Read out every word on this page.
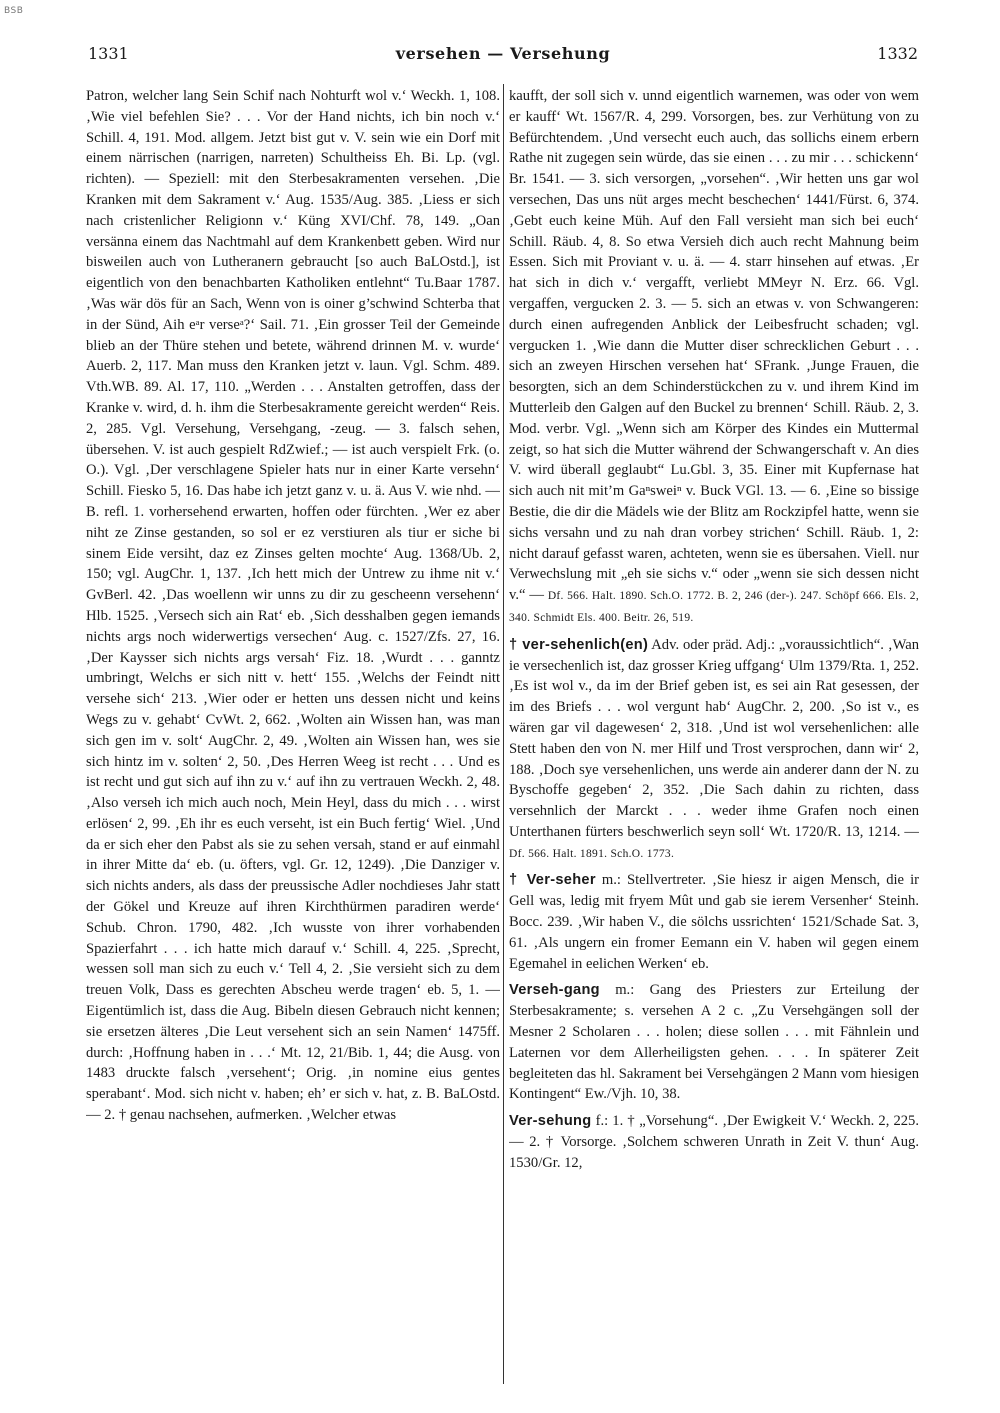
BSB
1331	versehen — Versehung	1332

Patron, welcher lang Sein Schif nach Nohturft wol v.‘ Weckh. 1, 108. ‚Wie viel befehlen Sie? . . . Vor der Hand nichts, ich bin noch v.‘ Schill. 4, 191. Mod. allgem. Jetzt bist gut v. V. sein wie ein Dorf mit einem närrischen (narrigen, narreten) Schultheiss Eh. Bi. Lp. (vgl. richten). — Speziell: mit den Sterbesakramenten versehen. ‚Die Kranken mit dem Sakrament v.‘ Aug. 1535/Aug. 385. ‚Liess er sich nach cristenlicher Religionn v.‘ Küng XVI/Chf. 78, 149. „Oan versänna einem das Nachtmahl auf dem Krankenbett geben. Wird nur bisweilen auch von Lutheranern gebraucht [so auch BaLOstd.], ist eigentlich von den benachbarten Katholiken entlehnt“ Tu.Baar 1787. ‚Was wär dös für an Sach, Wenn von is oiner g’schwind Schterba that in der Sünd, Aih eᵃr verseᵃ?‘ Sail. 71. ‚Ein grosser Teil der Gemeinde blieb an der Thüre stehen und betete, während drinnen M. v. wurde‘ Auerb. 2, 117. Man muss den Kranken jetzt v. laun. Vgl. Schm. 489. Vth.WB. 89. Al. 17, 110. „Werden . . . Anstalten getroffen, dass der Kranke v. wird, d. h. ihm die Sterbesakramente gereicht werden“ Reis. 2, 285. Vgl. Versehung, Versehgang, -zeug. — 3. falsch sehen, übersehen. V. ist auch gespielt RdZwief.; — ist auch verspielt Frk. (o. O.). Vgl. ‚Der verschlagene Spieler hats nur in einer Karte versehn‘ Schill. Fiesko 5, 16. Das habe ich jetzt ganz v. u. ä. Aus V. wie nhd. — B. refl. 1. vorhersehend erwarten, hoffen oder fürchten. ‚Wer ez aber niht ze Zinse gestanden, so sol er ez verstiuren als tiur er siche bi sinem Eide versiht, daz ez Zinses gelten mochte‘ Aug. 1368/Ub. 2, 150; vgl. AugChr. 1, 137. ‚Ich hett mich der Untrew zu ihme nit v.‘ GvBerl. 42. ‚Das woellenn wir unns zu dir zu gescheenn versehenn‘ Hlb. 1525. ‚Versech sich ain Rat‘ eb. ‚Sich desshalben gegen iemands nichts args noch widerwertigs versechen‘ Aug. c. 1527/Zfs. 27, 16. ‚Der Kaysser sich nichts args versah‘ Fiz. 18. ‚Wurdt . . . ganntz umbringt, Welchs er sich nitt v. hett‘ 155. ‚Welchs der Feindt nitt versehe sich‘ 213. ‚Wier oder er hetten uns dessen nicht und keins Wegs zu v. gehabt‘ CvWt. 2, 662. ‚Wolten ain Wissen han, was man sich gen im v. solt‘ AugChr. 2, 49. ‚Wolten ain Wissen han, wes sie sich hintz im v. solten‘ 2, 50. ‚Des Herren Weeg ist recht . . . Und es ist recht und gut sich auf ihn zu v.‘ auf ihn zu vertrauen Weckh. 2, 48. ‚Also verseh ich mich auch noch, Mein Heyl, dass du mich . . . wirst erlösen‘ 2, 99. ‚Eh ihr es euch verseht, ist ein Buch fertig‘ Wiel. ‚Und da er sich eher den Pabst als sie zu sehen versah, stand er auf einmahl in ihrer Mitte da‘ eb. (u. öfters, vgl. Gr. 12, 1249). ‚Die Danziger v. sich nichts anders, als dass der preussische Adler nochdieses Jahr statt der Gökel und Kreuze auf ihren Kirchthürmen paradiren werde‘ Schub. Chron. 1790, 482. ‚Ich wusste von ihrer vorhabenden Spazierfahrt . . . ich hatte mich darauf v.‘ Schill. 4, 225. ‚Sprecht, wessen soll man sich zu euch v.‘ Tell 4, 2. ‚Sie versieht sich zu dem treuen Volk, Dass es gerechten Abscheu werde tragen‘ eb. 5, 1. — Eigentümlich ist, dass die Aug. Bibeln diesen Gebrauch nicht kennen; sie ersetzen älteres ‚Die Leut versehent sich an sein Namen‘ 1475ff. durch: ‚Hoffnung haben in . . .‘ Mt. 12, 21/Bib. 1, 44; die Ausg. von 1483 druckte falsch ‚versehent‘; Orig. ‚in nomine eius gentes sperabant‘. Mod. sich nicht v. haben; eh’ er sich v. hat, z. B. BaLOstd. — 2. † genau nachsehen, aufmerken. ‚Welcher etwas

kaufft, der soll sich v. unnd eigentlich warnemen, was oder von wem er kauff‘ Wt. 1567/R. 4, 299. Vorsorgen, bes. zur Verhütung von zu Befürchtendem. ‚Und versecht euch auch, das sollichs einem erbern Rathe nit zugegen sein würde, das sie einen . . . zu mir . . . schickenn‘ Br. 1541. — 3. sich versorgen, „vorsehen“. ‚Wir hetten uns gar wol versechen, Das uns nüt arges mecht beschechen‘ 1441/Fürst. 6, 374. ‚Gebt euch keine Müh. Auf den Fall versieht man sich bei euch‘ Schill. Räub. 4, 8. So etwa Versieh dich auch recht Mahnung beim Essen. Sich mit Proviant v. u. ä. — 4. starr hinsehen auf etwas. ‚Er hat sich in dich v.‘ vergafft, verliebt MMeyr N. Erz. 66. Vgl. vergaffen, vergucken 2. 3. — 5. sich an etwas v. von Schwangeren: durch einen aufregenden Anblick der Leibesfrucht schaden; vgl. vergucken 1. ‚Wie dann die Mutter diser schrecklichen Geburt . . . sich an zweyen Hirschen versehen hat‘ SFrank. ‚Junge Frauen, die besorgten, sich an dem Schinderstückchen zu v. und ihrem Kind im Mutterleib den Galgen auf den Buckel zu brennen‘ Schill. Räub. 2, 3. Mod. verbr. Vgl. „Wenn sich am Körper des Kindes ein Muttermal zeigt, so hat sich die Mutter während der Schwangerschaft v. An dies V. wird überall geglaubt“ Lu.Gbl. 3, 35. Einer mit Kupfernase hat sich auch nit mit’m Gaⁿsweiⁿ v. Buck VGl. 13. — 6. ‚Eine so bissige Bestie, die dir die Mädels wie der Blitz am Rockzipfel hatte, wenn sie sichs versahn und zu nah dran vorbey strichen‘ Schill. Räub. 1, 2: nicht darauf gefasst waren, achteten, wenn sie es übersahen. Viell. nur Verwechslung mit „eh sie sichs v.“ oder „wenn sie sich dessen nicht v.“ — Df. 566. Halt. 1890. Sch.O. 1772. B. 2, 246 (der-). 247. Schöpf 666. Els. 2, 340. Schmidt Els. 400. Beitr. 26, 519.

† ver-sehenlich(en) Adv. oder präd. Adj.: „voraussichtlich“. ‚Wan ie versechenlich ist, daz grosser Krieg uffgang‘ Ulm 1379/Rta. 1, 252. ‚Es ist wol v., da im der Brief geben ist, es sei ain Rat gesessen, der im des Briefs . . . wol vergunt hab‘ AugChr. 2, 200. ‚So ist v., es wären gar vil dagewesen‘ 2, 318. ‚Und ist wol versehenlichen: alle Stett haben den von N. mer Hilf und Trost versprochen, dann wir‘ 2, 188. ‚Doch sye versehenlichen, uns werde ain anderer dann der N. zu Byschoffe gegeben‘ 2, 352. ‚Die Sach dahin zu richten, dass versehnlich der Marckt . . . weder ihme Grafen noch einen Unterthanen fürters beschwerlich seyn soll‘ Wt. 1720/R. 13, 1214. — Df. 566. Halt. 1891. Sch.O. 1773.

† Ver-seher m.: Stellvertreter. ‚Sie hiesz ir aigen Mensch, die ir Gell was, ledig mit fryem Mût und gab sie ierem Versenher‘ Steinh. Bocc. 239. ‚Wir haben V., die sölchs ussrichten‘ 1521/Schade Sat. 3, 61. ‚Als ungern ein fromer Eemann ein V. haben wil gegen einem Egemahel in eelichen Werken‘ eb.

Verseh-gang m.: Gang des Priesters zur Erteilung der Sterbesakramente; s. versehen A 2 c. „Zu Versehgängen soll der Mesner 2 Scholaren . . . holen; diese sollen . . . mit Fähnlein und Laternen vor dem Allerheiligsten gehen. . . . In späterer Zeit begleiteten das hl. Sakrament bei Versehgängen 2 Mann vom hiesigen Kontingent“ Ew./Vjh. 10, 38.

Ver-sehung f.: 1. † „Vorsehung“. ‚Der Ewigkeit V.‘ Weckh. 2, 225. — 2. † Vorsorge. ‚Solchem schweren Unrath in Zeit V. thun‘ Aug. 1530/Gr. 12,
